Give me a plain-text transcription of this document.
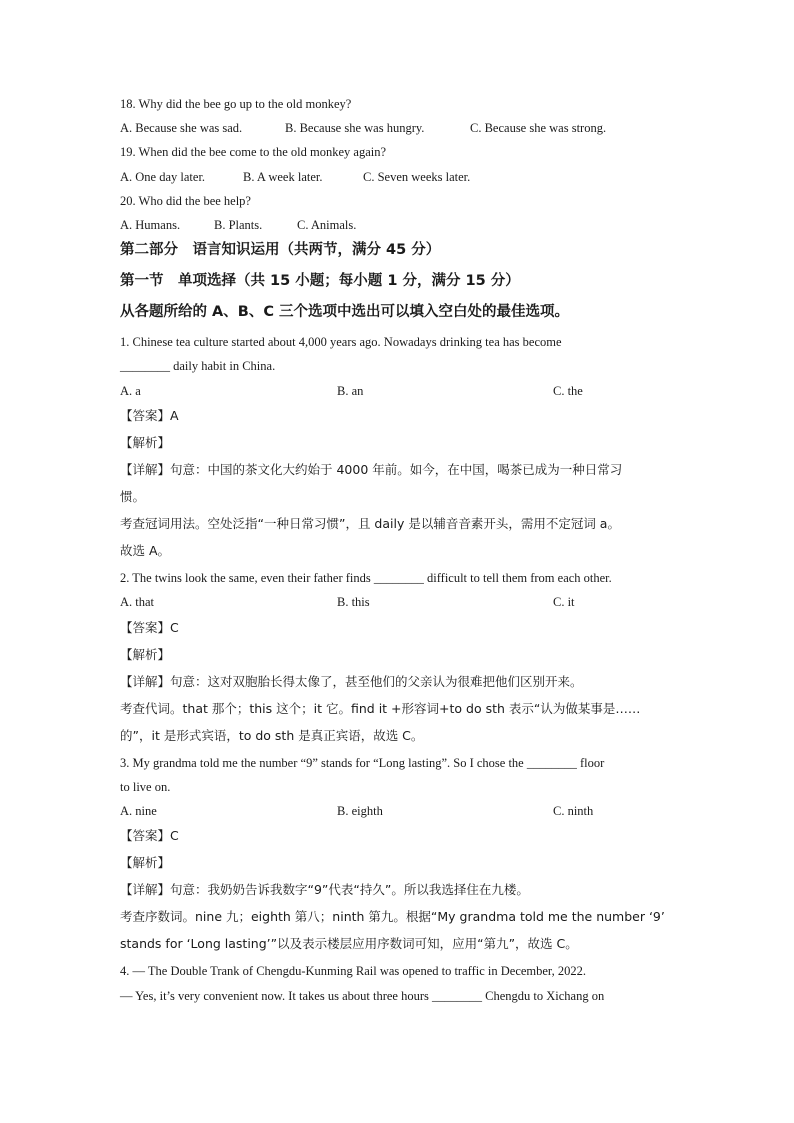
18. Why did the bee go up to the old monkey?
A. Because she was sad.	B. Because she was hungry.	C. Because she was strong.
19. When did the bee come to the old monkey again?
A. One day later.	B. A week later.	C. Seven weeks later.
20. Who did the bee help?
A. Humans.	B. Plants.	C. Animals.
第二部分　语言知识运用（共两节，满分 45 分）
第一节　单项选择（共 15 小题；每小题 1 分，满分 15 分）
从各题所给的 A、B、C 三个选项中选出可以填入空白处的最佳选项。
1. Chinese tea culture started about 4,000 years ago. Nowadays drinking tea has become
________ daily habit in China.
A. a	B. an	C. the
【答案】A
【解析】
【详解】句意：中国的茶文化大约始于 4000 年前。如今，在中国，喝茶已成为一种日常习
惯。
考查冠词用法。空处泛指“一种日常习惯”，且 daily 是以辅音音素开头，需用不定冠词 a。
故选 A。
2. The twins look the same, even their father finds ________ difficult to tell them from each other.
A. that	B. this	C. it
【答案】C
【解析】
【详解】句意：这对双胞胎长得太像了，甚至他们的父亲认为很难把他们区别开来。
考查代词。that 那个；this 这个；it 它。find it +形容词+to do sth 表示“认为做某事是……
的”，it 是形式宾语，to do sth 是真正宾语，故选 C。
3. My grandma told me the number “9” stands for “Long lasting”. So I chose the ________ floor
to live on.
A. nine	B. eighth	C. ninth
【答案】C
【解析】
【详解】句意：我奶奶告诉我数字“9”代表“持久”。所以我选择住在九楼。
考查序数词。nine 九；eighth 第八；ninth 第九。根据“My grandma told me the number ‘9’
stands for ‘Long lasting’”以及表示楼层应用序数词可知，应用“第九”，故选 C。
4. — The Double Trank of Chengdu-Kunming Rail was opened to traffic in December, 2022.
— Yes, it’s very convenient now. It takes us about three hours ________ Chengdu to Xichang on
